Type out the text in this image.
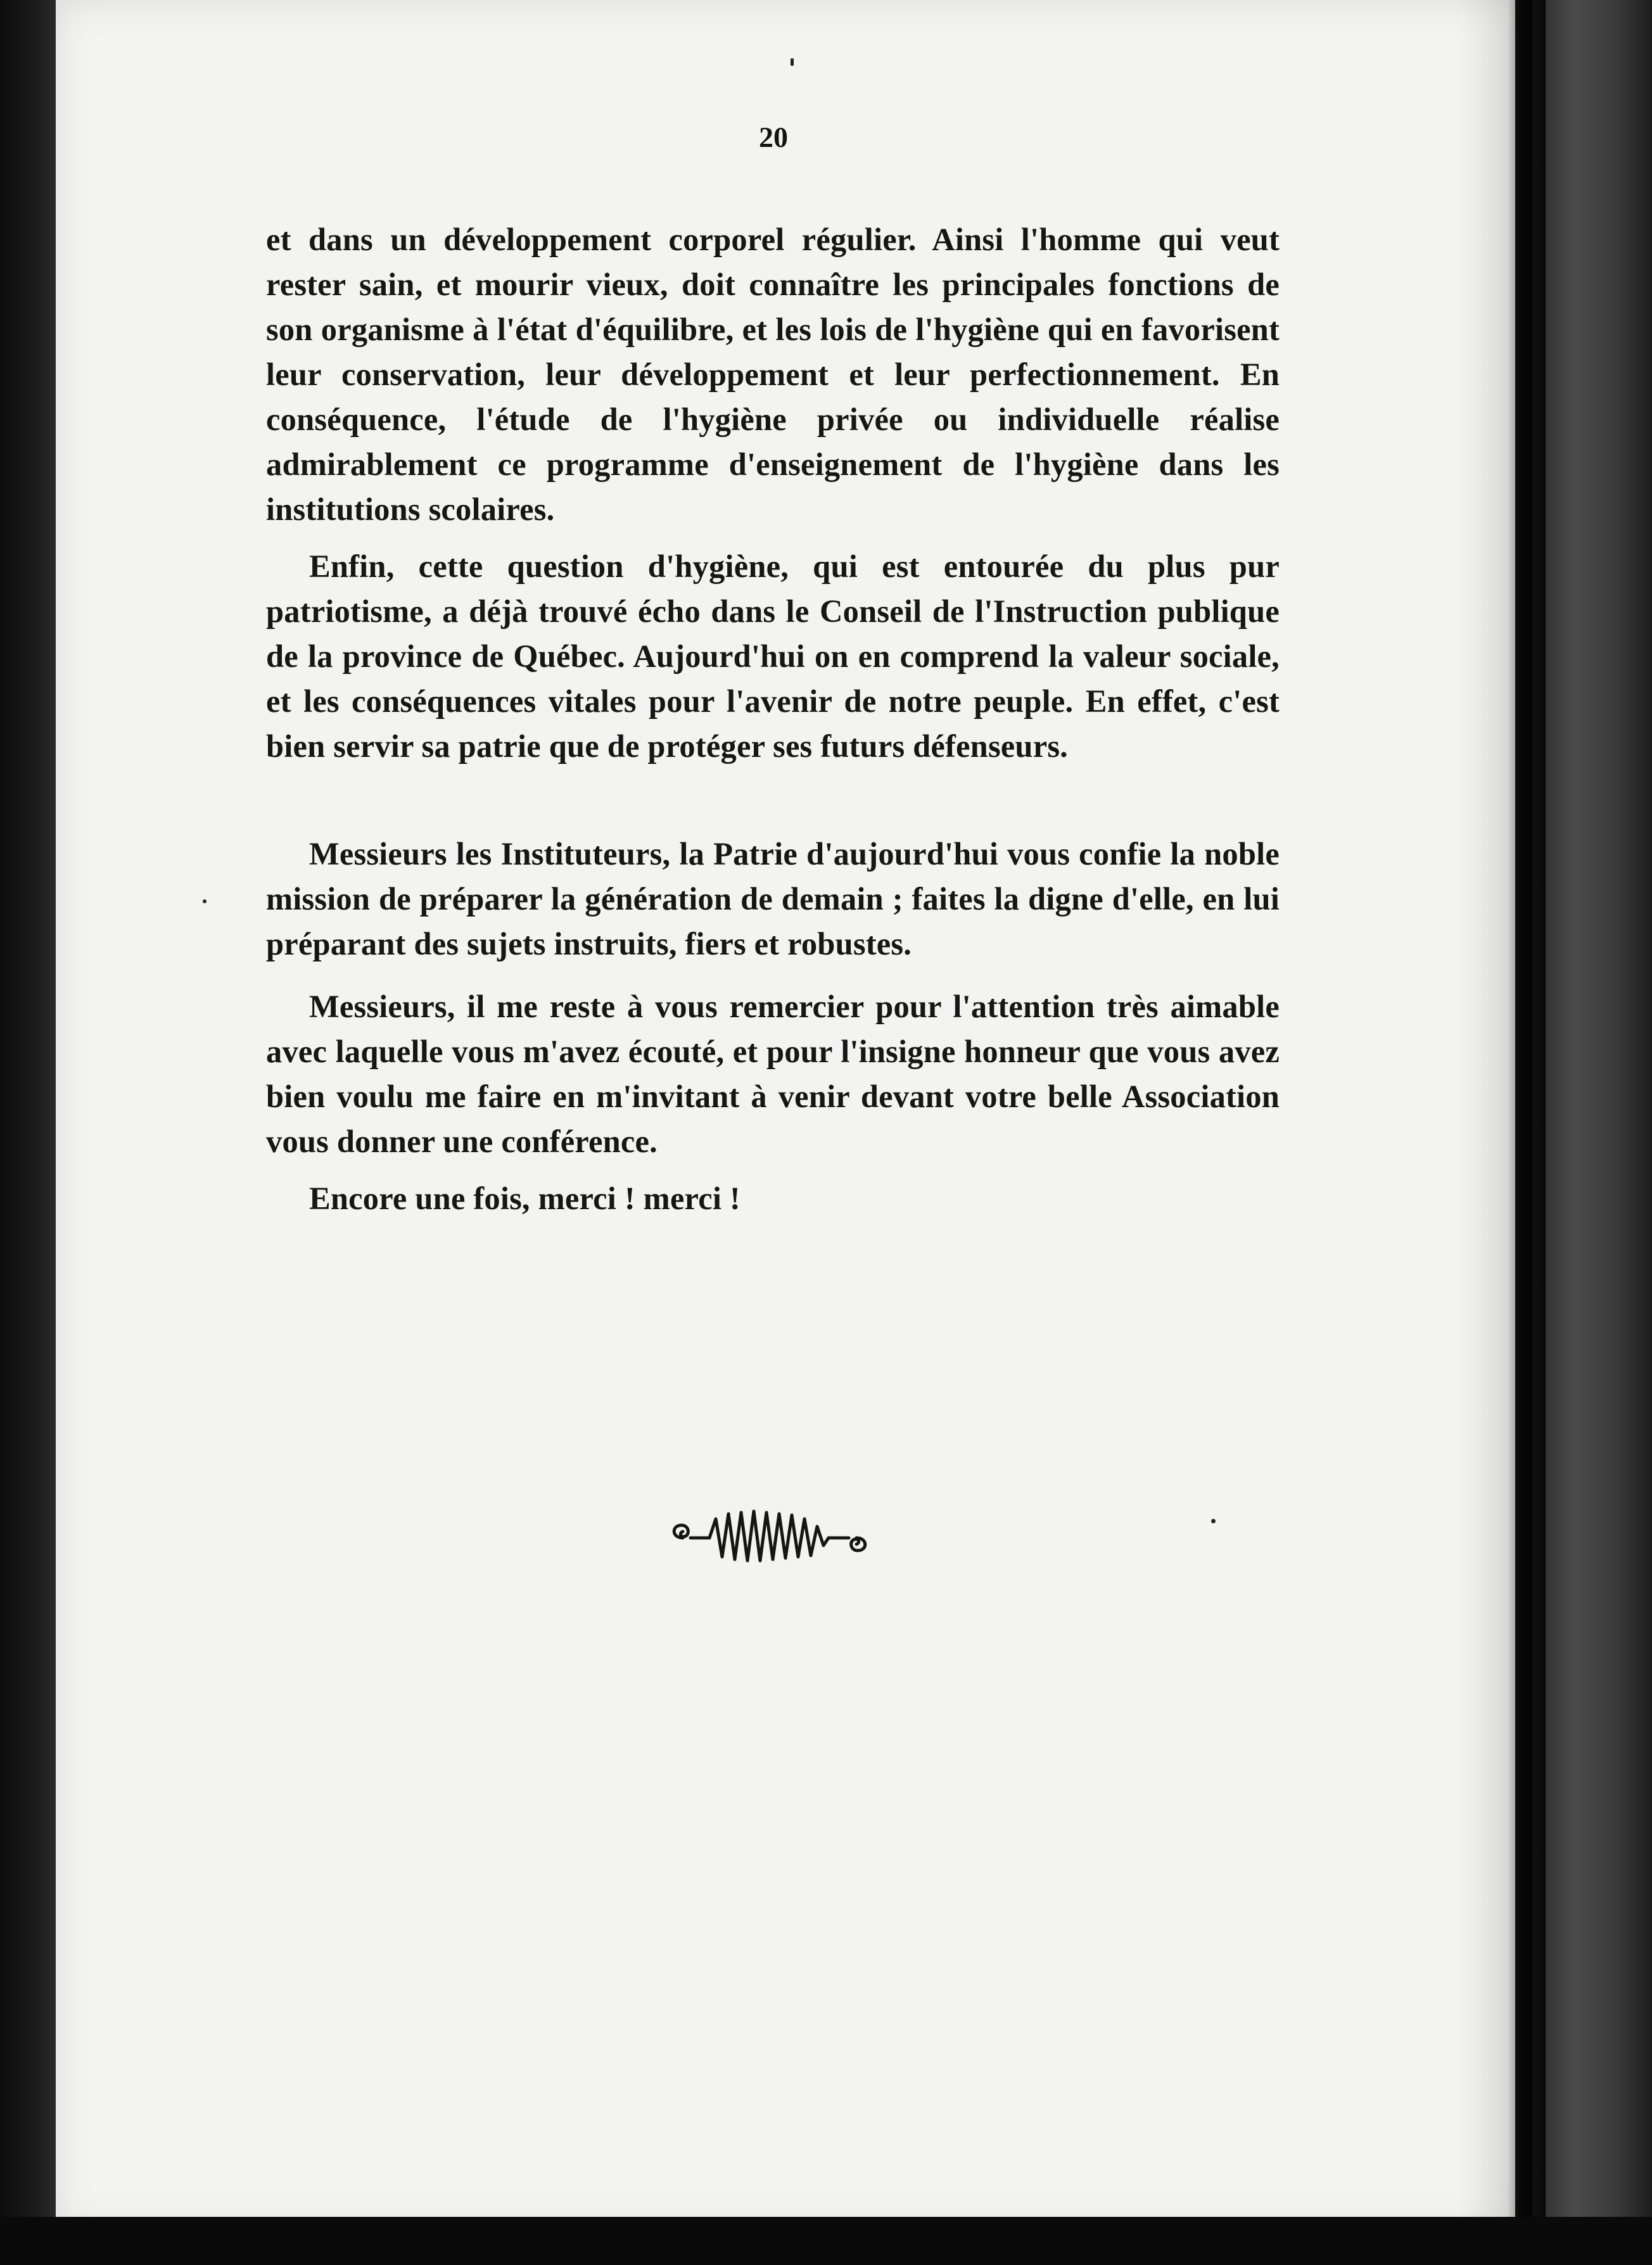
20

et dans un développement corporel régulier. Ainsi l'homme qui veut rester sain, et mourir vieux, doit connaître les principales fonctions de son organisme à l'état d'équilibre, et les lois de l'hygiène qui en favorisent leur conservation, leur développement et leur perfectionnement. En conséquence, l'étude de l'hygiène privée ou individuelle réalise admirablement ce programme d'enseignement de l'hygiène dans les institutions scolaires.

Enfin, cette question d'hygiène, qui est entourée du plus pur patriotisme, a déjà trouvé écho dans le Conseil de l'Instruction publique de la province de Québec. Aujourd'hui on en comprend la valeur sociale, et les conséquences vitales pour l'avenir de notre peuple. En effet, c'est bien servir sa patrie que de protéger ses futurs défenseurs.

Messieurs les Instituteurs, la Patrie d'aujourd'hui vous confie la noble mission de préparer la génération de demain ; faites la digne d'elle, en lui préparant des sujets instruits, fiers et robustes.

Messieurs, il me reste à vous remercier pour l'attention très aimable avec laquelle vous m'avez écouté, et pour l'insigne honneur que vous avez bien voulu me faire en m'invitant à venir devant votre belle Association vous donner une conférence.

Encore une fois, merci ! merci !
